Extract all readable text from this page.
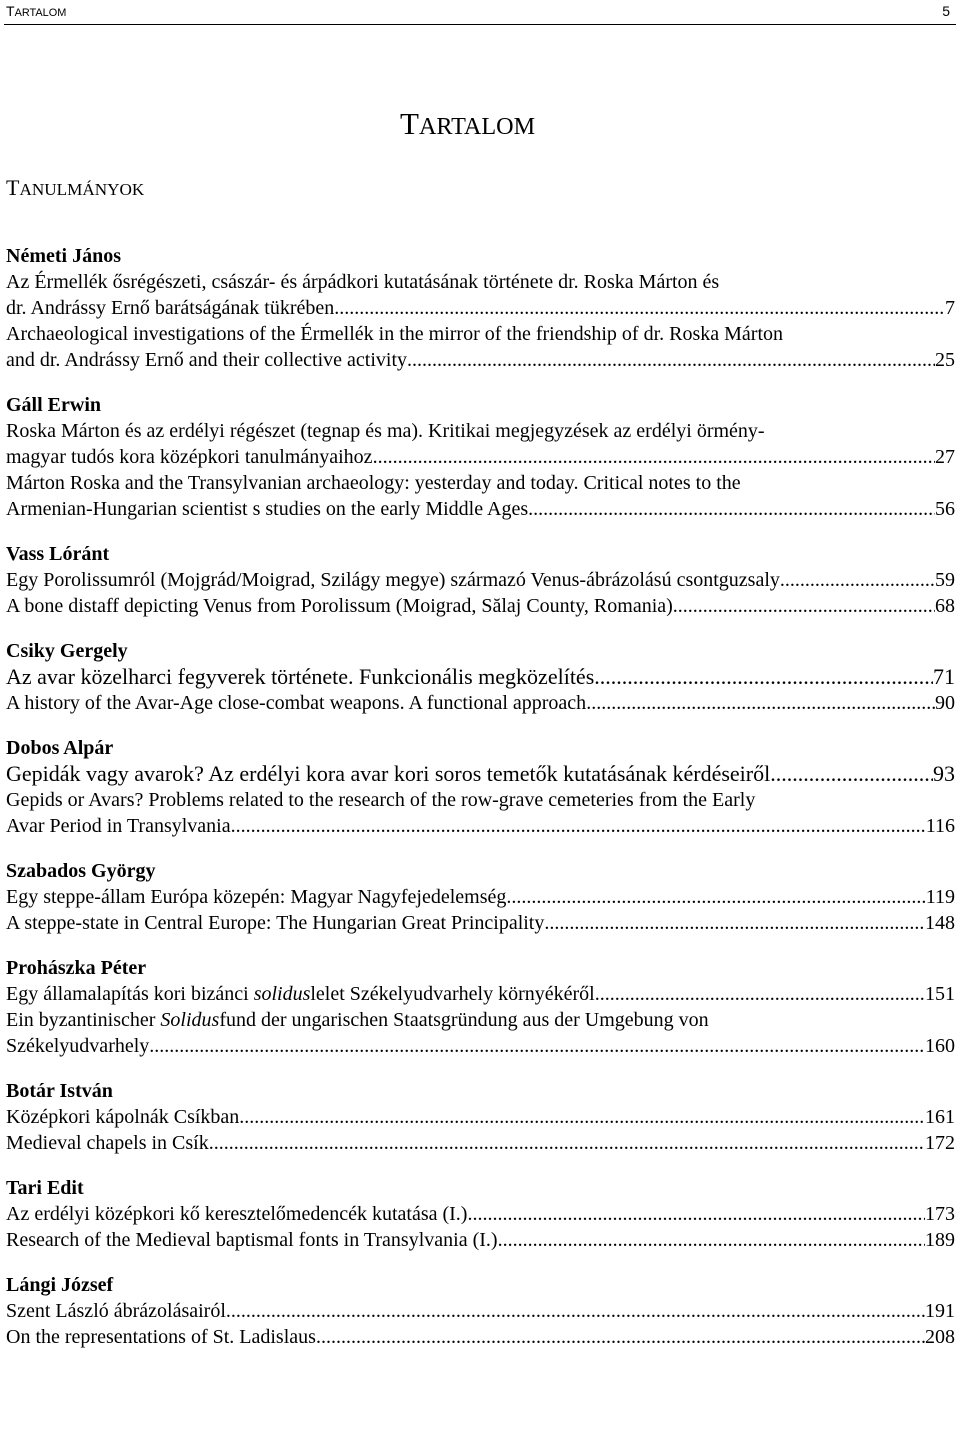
TARTALOM	5
TARTALOM
TANULMÁNYOK
Németi János
Az Érmellék ősrégészeti, császár- és árpádkori kutatásának története dr. Roska Márton és
dr. Andrássy Ernő barátságának tükrében .....	7
Archaeological investigations of the Érmellék in the mirror of the friendship of dr. Roska Márton
and dr. Andrássy Ernő and their collective activity .....	25
Gáll Erwin
Roska Márton és az erdélyi régészet (tegnap és ma). Kritikai megjegyzések az erdélyi örmény-
magyar tudós kora középkori tanulmányaihoz .....	27
Márton Roska and the Transylvanian archaeology: yesterday and today. Critical notes to the
Armenian-Hungarian scientist s studies on the early Middle Ages .....	56
Vass Lóránt
Egy Porolissumról (Mojgrád/Moigrad, Szilágy megye) származó Venus-ábrázolású csontguzsaly .....	59
A bone distaff depicting Venus from Porolissum (Moigrad, Sălaj County, Romania) .....	68
Csiky Gergely
Az avar közelharci fegyverek története. Funkcionális megközelítés .....	71
A history of the Avar-Age close-combat weapons. A functional approach .....	90
Dobos Alpár
Gepidák vagy avarok? Az erdélyi kora avar kori soros temetők kutatásának kérdéseiről .....	93
Gepids or Avars? Problems related to the research of the row-grave cemeteries from the Early
Avar Period in Transylvania .....	116
Szabados György
Egy steppe-állam Európa közepén: Magyar Nagyfejedelemség .....	119
A steppe-state in Central Europe: The Hungarian Great Principality .....	148
Prohászka Péter
Egy államalapítás kori bizánci soliduslelet Székelyudvarhely környékéről .....	151
Ein byzantinischer Solidusfund der ungarischen Staatsgründung aus der Umgebung von
Székelyudvarhely .....	160
Botár István
Középkori kápolnák Csíkban .....	161
Medieval chapels in Csík .....	172
Tari Edit
Az erdélyi középkori kő keresztelőmedencék kutatása (I.) .....	173
Research of the Medieval baptismal fonts in Transylvania (I.) .....	189
Lángi József
Szent László ábrázolásairól .....	191
On the representations of St. Ladislaus .....	208
